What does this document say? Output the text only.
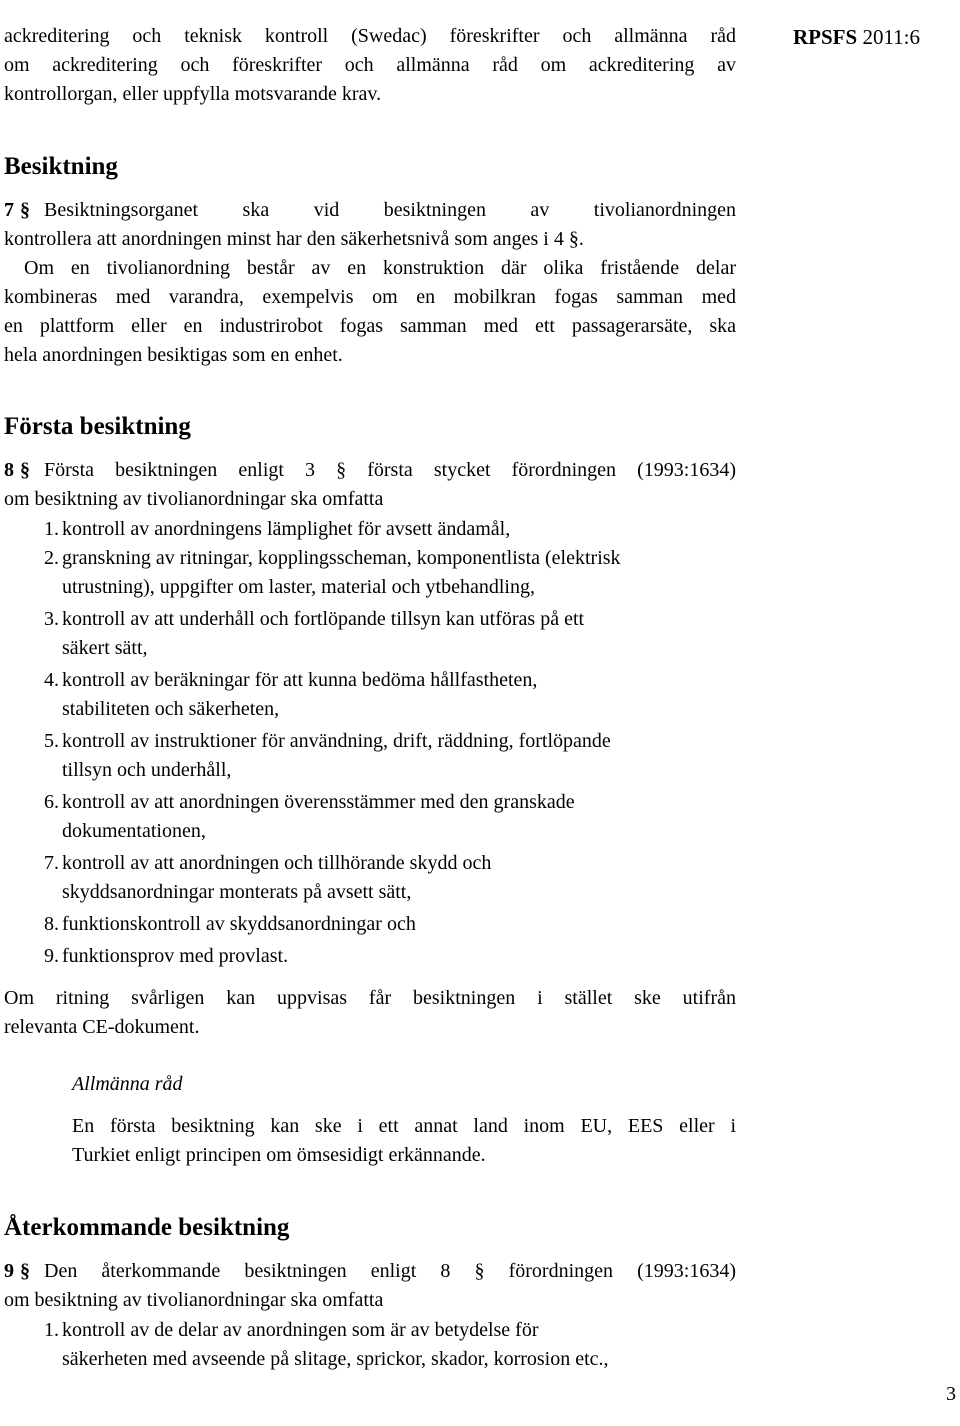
RPSFS 2011:6
ackreditering och teknisk kontroll (Swedac) föreskrifter och allmänna råd
om ackreditering och föreskrifter och allmänna råd om ackreditering av
kontrollorgan, eller uppfylla motsvarande krav.
Besiktning
7 § Besiktningsorganet ska vid besiktningen av tivolianordningen
kontrollera att anordningen minst har den säkerhetsnivå som anges i 4 §.
Om en tivolianordning består av en konstruktion där olika fristående delar
kombineras med varandra, exempelvis om en mobilkran fogas samman med
en plattform eller en industrirobot fogas samman med ett passagerarsäte, ska
hela anordningen besiktigas som en enhet.
Första besiktning
8 § Första besiktningen enligt 3 § första stycket förordningen (1993:1634)
om besiktning av tivolianordningar ska omfatta
1. kontroll av anordningens lämplighet för avsett ändamål,
2. granskning av ritningar, kopplingsscheman, komponentlista (elektrisk
utrustning), uppgifter om laster, material och ytbehandling,
3. kontroll av att underhåll och fortlöpande tillsyn kan utföras på ett
säkert sätt,
4. kontroll av beräkningar för att kunna bedöma hållfastheten,
stabiliteten och säkerheten,
5. kontroll av instruktioner för användning, drift, räddning, fortlöpande
tillsyn och underhåll,
6. kontroll av att anordningen överensstämmer med den granskade
dokumentationen,
7. kontroll av att anordningen och tillhörande skydd och
skyddsanordningar monterats på avsett sätt,
8. funktionskontroll av skyddsanordningar och
9. funktionsprov med provlast.
Om ritning svårligen kan uppvisas får besiktningen i stället ske utifrån
relevanta CE-dokument.
Allmänna råd
En första besiktning kan ske i ett annat land inom EU, EES eller i
Turkiet enligt principen om ömsesidigt erkännande.
Återkommande besiktning
9 § Den återkommande besiktningen enligt 8 § förordningen (1993:1634)
om besiktning av tivolianordningar ska omfatta
1. kontroll av de delar av anordningen som är av betydelse för
säkerheten med avseende på slitage, sprickor, skador, korrosion etc.,
3
